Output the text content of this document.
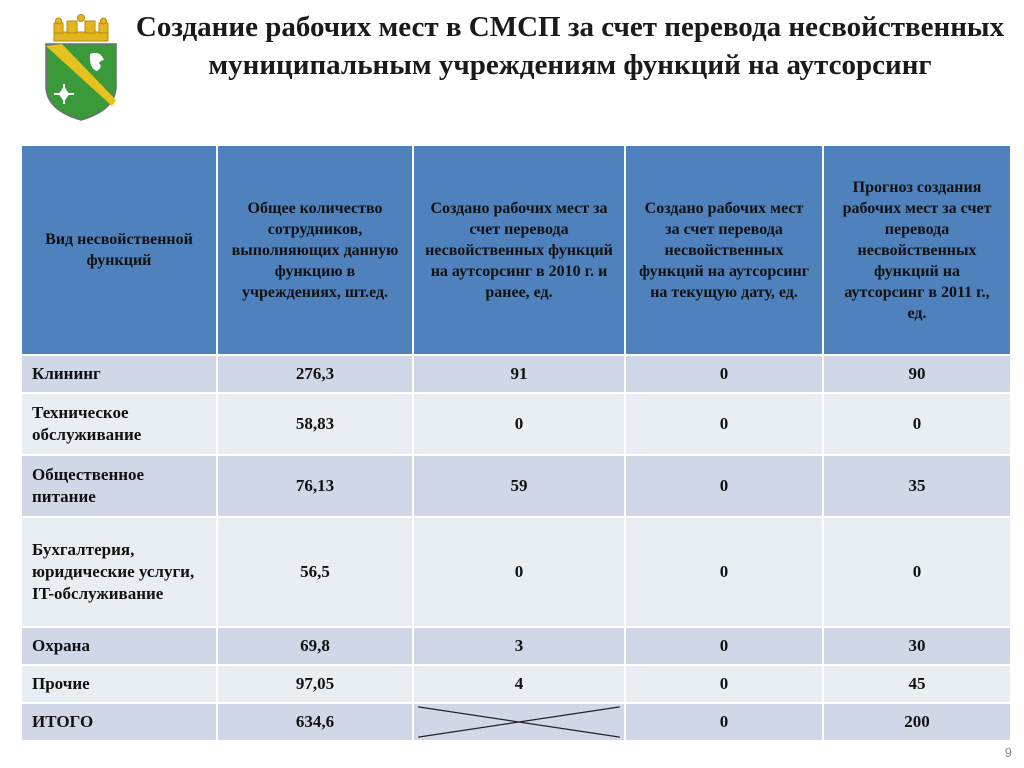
Создание рабочих мест в СМСП за счет перевода несвойственных муниципальным учреждениям функций на аутсорсинг
Вид несвойственной функций	Общее количество сотрудников, выполняющих данную функцию в учреждениях, шт.ед.	Создано рабочих мест за счет перевода несвойственных функций на аутсорсинг в 2010 г. и ранее, ед.	Создано рабочих мест за счет перевода несвойственных функций на аутсорсинг на текущую дату, ед.	Прогноз создания рабочих мест за счет перевода несвойственных функций на аутсорсинг в 2011 г., ед.
Клининг	276,3	91	0	90
Техническое обслуживание	58,83	0	0	0
Общественное питание	76,13	59	0	35
Бухгалтерия, юридические услуги, IT-обслуживание	56,5	0	0	0
Охрана	69,8	3	0	30
Прочие	97,05	4	0	45
ИТОГО	634,6		0	200
9
